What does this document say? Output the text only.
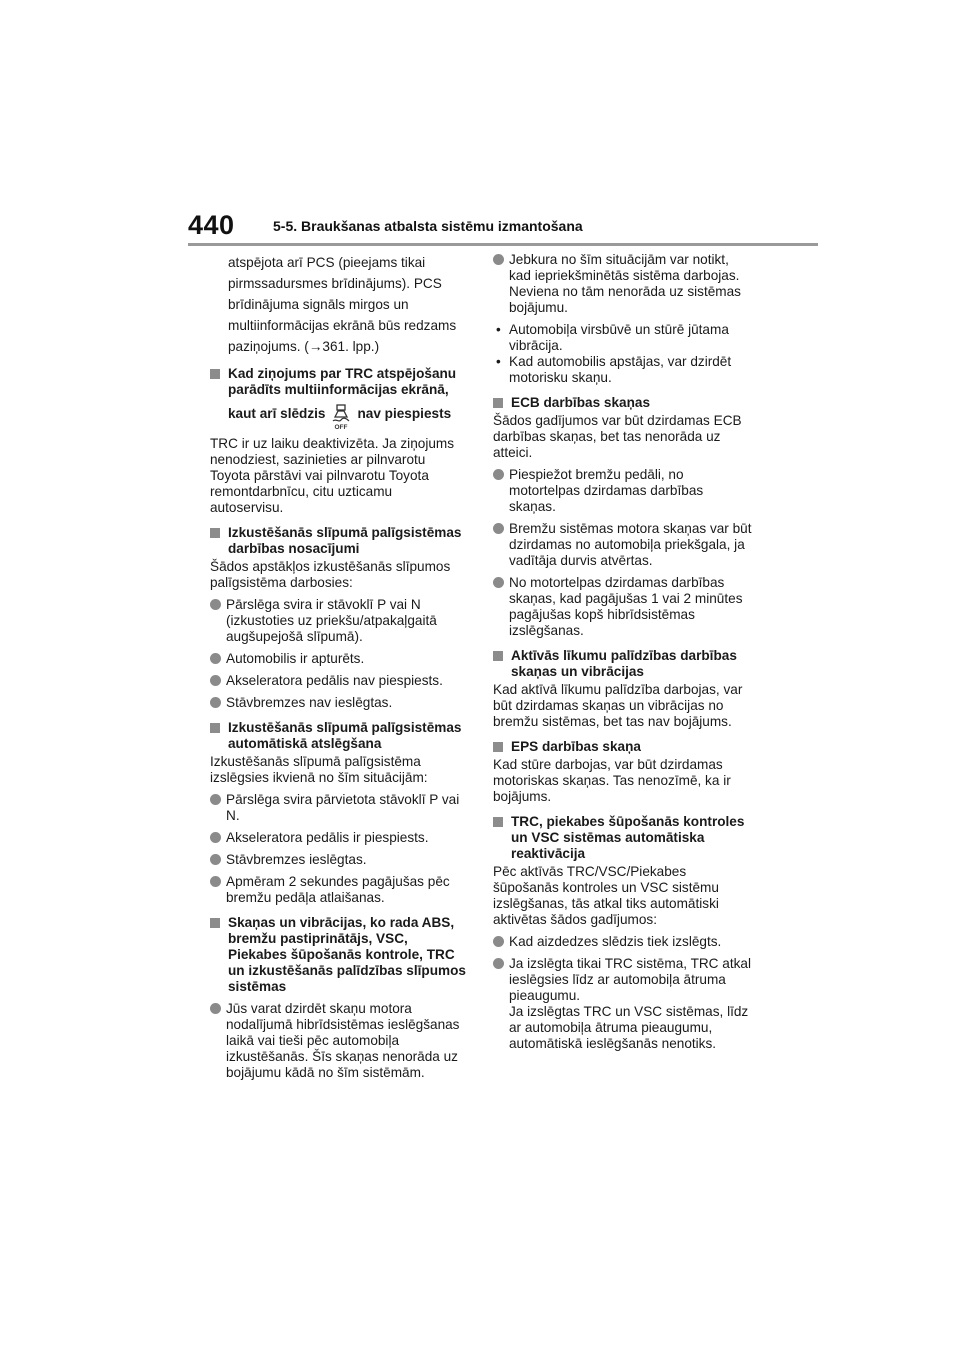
440	5-5. Braukšanas atbalsta sistēmu izmantošana
atspējota arī PCS (pieejams tikai pirmssadursmes brīdinājums). PCS brīdinājuma signāls mirgos un multiinformācijas ekrānā būs redzams paziņojums. (→361. lpp.)
Kad ziņojums par TRC atspējošanu parādīts multiinformācijas ekrānā,
kaut arī slēdzis
OFF
nav piespiests

TRC ir uz laiku deaktivizēta. Ja ziņojums nenodziest, sazinieties ar pilnvarotu Toyota pārstāvi vai pilnvarotu Toyota remontdarbnīcu, citu uzticamu autoservisu.

Izkustēšanās slīpumā palīgsistēmas darbības nosacījumi

Šādos apstākļos izkustēšanās slīpumos palīgsistēma darbosies:

Pārslēga svira ir stāvoklī P vai N (izkustoties uz priekšu/atpakaļgaitā augšupejošā slīpumā).
Automobilis ir apturēts.
Akseleratora pedālis nav piespiests.
Stāvbremzes nav ieslēgtas.
Izkustēšanās slīpumā palīgsistēmas automātiskā atslēgšana

Izkustēšanās slīpumā palīgsistēma izslēgsies ikvienā no šīm situācijām:

Pārslēga svira pārvietota stāvoklī P vai N.
Akseleratora pedālis ir piespiests.
Stāvbremzes ieslēgtas.
Apmēram 2 sekundes pagājušas pēc bremžu pedāļa atlaišanas.
Skaņas un vibrācijas, ko rada ABS, bremžu pastiprinātājs, VSC, Piekabes šūpošanās kontrole, TRC un izkustēšanās palīdzības slīpumos sistēmas
Jūs varat dzirdēt skaņu motora nodalījumā hibrīdsistēmas ieslēgšanas laikā vai tieši pēc automobiļa izkustēšanās. Šīs skaņas nenorāda uz bojājumu kādā no šīm sistēmām.
Jebkura no šīm situācijām var notikt, kad iepriekšminētās sistēma darbojas. Neviena no tām nenorāda uz sistēmas bojājumu.

• Automobiļa virsbūvē un stūrē jūtama vibrācija.

• Kad automobilis apstājas, var dzirdēt motorisku skaņu.

ECB darbības skaņas

Šādos gadījumos var būt dzirdamas ECB darbības skaņas, bet tas nenorāda uz atteici.

Piespiežot bremžu pedāli, no motortelpas dzirdamas darbības skaņas.
Bremžu sistēmas motora skaņas var būt dzirdamas no automobiļa priekšgala, ja vadītāja durvis atvērtas.
No motortelpas dzirdamas darbības skaņas, kad pagājušas 1 vai 2 minūtes pagājušas kopš hibrīdsistēmas izslēgšanas.
Aktīvās līkumu palīdzības darbības skaņas un vibrācijas

Kad aktīvā līkumu palīdzība darbojas, var būt dzirdamas skaņas un vibrācijas no bremžu sistēmas, bet tas nav bojājums.

EPS darbības skaņa

Kad stūre darbojas, var būt dzirdamas motoriskas skaņas. Tas nenozīmē, ka ir bojājums.

TRC, piekabes šūpošanās kontroles un VSC sistēmas automātiska reaktivācija

Pēc aktīvās TRC/VSC/Piekabes šūpošanās kontroles un VSC sistēmu izslēgšanas, tās atkal tiks automātiski aktivētas šādos gadījumos:

Kad aizdedzes slēdzis tiek izslēgts.
Ja izslēgta tikai TRC sistēma, TRC atkal ieslēgsies līdz ar automobiļa ātruma pieaugumu.
Ja izslēgtas TRC un VSC sistēmas, līdz ar automobiļa ātruma pieaugumu, automātiskā ieslēgšanās nenotiks.
